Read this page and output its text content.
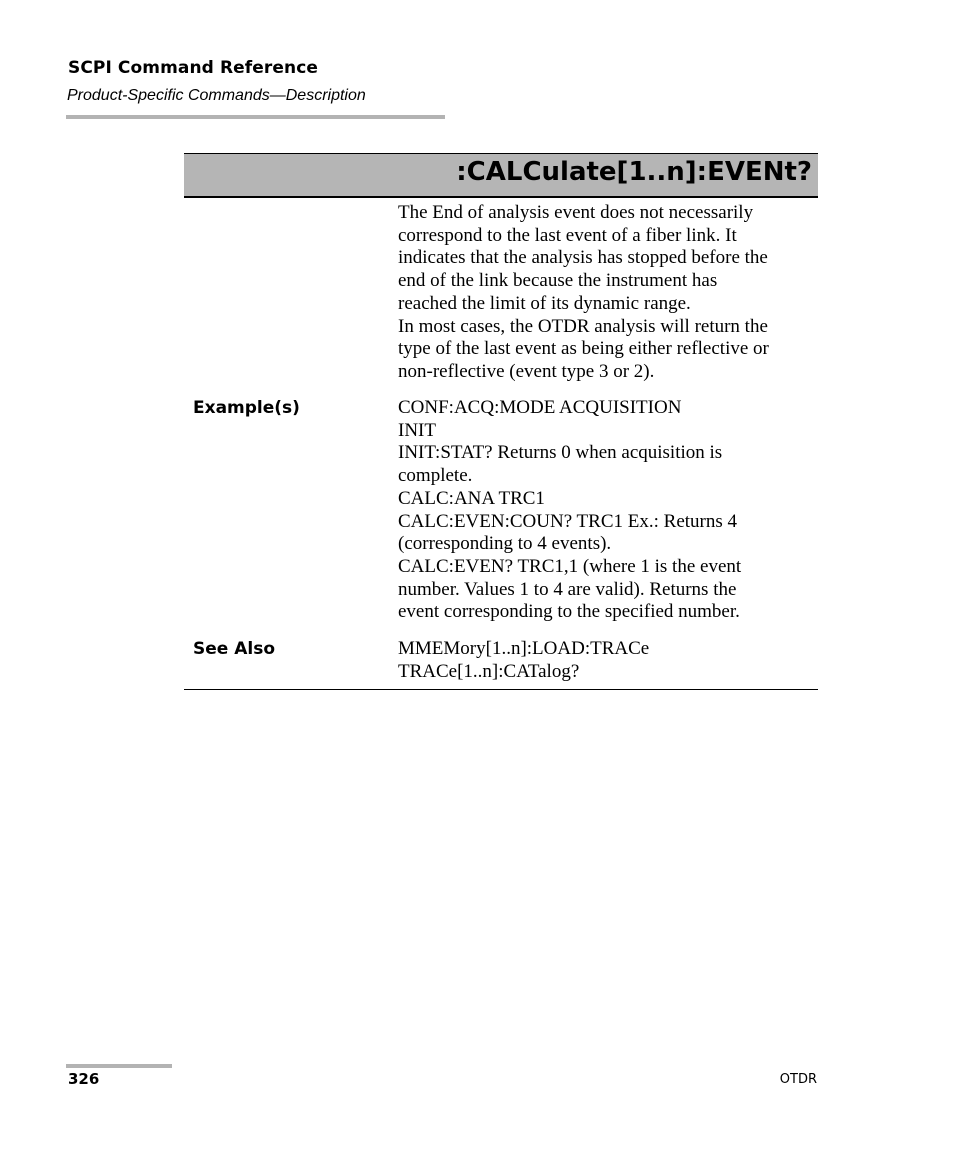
SCPI Command Reference
Product-Specific Commands—Description
:CALCulate[1..n]:EVENt?
The End of analysis event does not necessarily
correspond to the last event of a fiber link. It
indicates that the analysis has stopped before the
end of the link because the instrument has
reached the limit of its dynamic range.
In most cases, the OTDR analysis will return the
type of the last event as being either reflective or
non-reflective (event type 3 or 2).
Example(s)	CONF:ACQ:MODE ACQUISITION
INIT
INIT:STAT? Returns 0 when acquisition is
complete.
CALC:ANA TRC1
CALC:EVEN:COUN? TRC1 Ex.: Returns 4
(corresponding to 4 events).
CALC:EVEN? TRC1,1 (where 1 is the event
number. Values 1 to 4 are valid). Returns the
event corresponding to the specified number.
See Also	MMEMory[1..n]:LOAD:TRACe
TRACe[1..n]:CATalog?
326	OTDR
